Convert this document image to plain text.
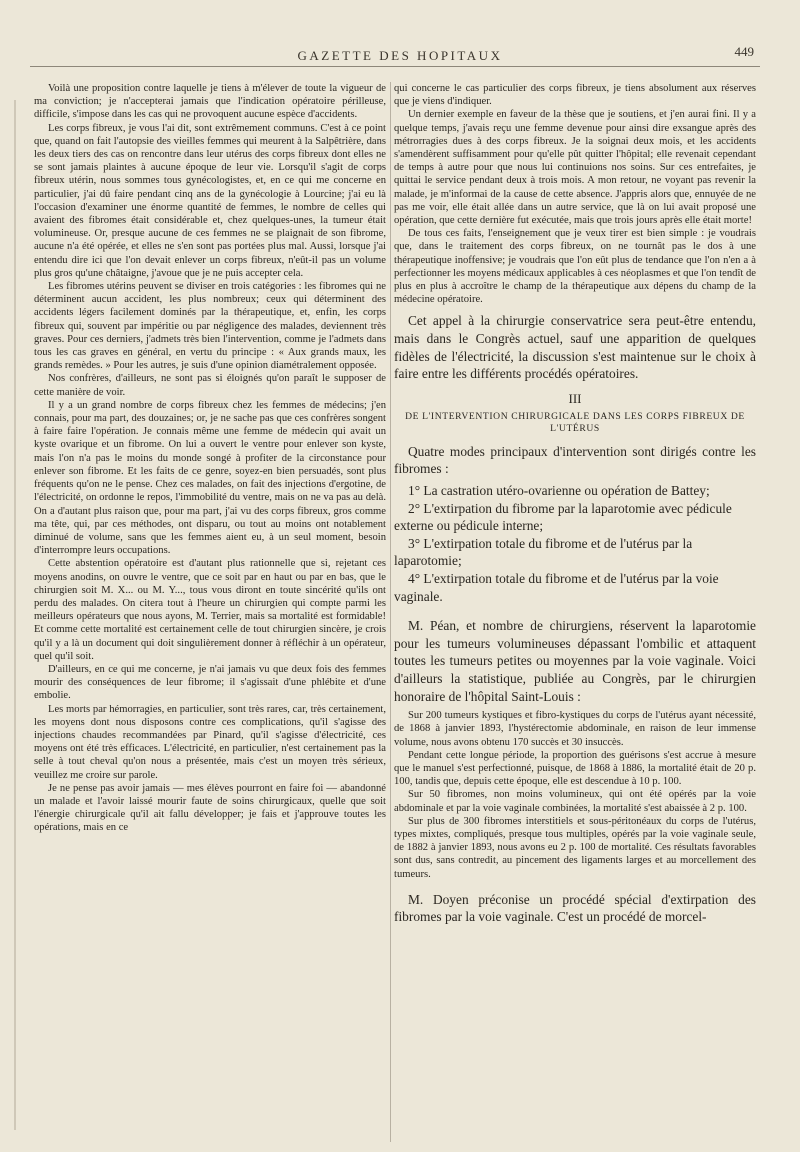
GAZETTE DES HOPITAUX	449

Voilà une proposition contre laquelle je tiens à m'élever de toute la vigueur de ma conviction; je n'accepterai jamais que l'indication opératoire périlleuse, difficile, s'impose dans les cas qui ne provoquent aucune espèce d'accidents.

Les corps fibreux, je vous l'ai dit, sont extrêmement communs. C'est à ce point que, quand on fait l'autopsie des vieilles femmes qui meurent à la Salpêtrière, dans les deux tiers des cas on rencontre dans leur utérus des corps fibreux dont elles ne se sont jamais plaintes à aucune époque de leur vie. Lorsqu'il s'agit de corps fibreux utérin, nous sommes tous gynécologistes, et, en ce qui me concerne en particulier, j'ai dû faire pendant cinq ans de la gynécologie à Lourcine; j'ai eu là l'occasion d'examiner une énorme quantité de femmes, le nombre de celles qui avaient des fibromes était considérable et, chez quelques-unes, la tumeur était volumineuse. Or, presque aucune de ces femmes ne se plaignait de son fibrome, aucune n'a été opérée, et elles ne s'en sont pas portées plus mal. Aussi, lorsque j'ai entendu dire ici que l'on devait enlever un corps fibreux, n'eût-il pas un volume plus gros qu'une châtaigne, j'avoue que je ne puis accepter cela.

Les fibromes utérins peuvent se diviser en trois catégories : les fibromes qui ne déterminent aucun accident, les plus nombreux; ceux qui déterminent des accidents légers facilement dominés par la thérapeutique, et, enfin, les corps fibreux qui, souvent par impéritie ou par négligence des malades, deviennent très graves. Pour ces derniers, j'admets très bien l'intervention, comme je l'admets dans tous les cas graves en général, en vertu du principe : « Aux grands maux, les grands remèdes. » Pour les autres, je suis d'une opinion diamétralement opposée.

Nos confrères, d'ailleurs, ne sont pas si éloignés qu'on paraît le supposer de cette manière de voir.

Il y a un grand nombre de corps fibreux chez les femmes de médecins; j'en connais, pour ma part, des douzaines; or, je ne sache pas que ces confrères songent à faire faire l'opération. Je connais même une femme de médecin qui avait un kyste ovarique et un fibrome. On lui a ouvert le ventre pour enlever son kyste, mais l'on n'a pas le moins du monde songé à profiter de la circonstance pour enlever son fibrome. Et les faits de ce genre, soyez-en bien persuadés, sont plus fréquents qu'on ne le pense. Chez ces malades, on fait des injections d'ergotine, de l'électricité, on ordonne le repos, l'immobilité du ventre, mais on ne va pas au delà. On a d'autant plus raison que, pour ma part, j'ai vu des corps fibreux, gros comme ma tête, qui, par ces méthodes, ont disparu, ou tout au moins ont notablement diminué de volume, sans que les femmes aient eu, à un seul moment, besoin d'interrompre leurs occupations.

Cette abstention opératoire est d'autant plus rationnelle que si, rejetant ces moyens anodins, on ouvre le ventre, que ce soit par en haut ou par en bas, que le chirurgien soit M. X... ou M. Y..., tous vous diront en toute sincérité qu'ils ont perdu des malades. On citera tout à l'heure un chirurgien qui compte parmi les meilleurs opérateurs que nous ayons, M. Terrier, mais sa mortalité est formidable! Et comme cette mortalité est certainement celle de tout chirurgien sincère, je crois qu'il y a là un document qui doit singulièrement donner à réfléchir à un opérateur, quel qu'il soit.

D'ailleurs, en ce qui me concerne, je n'ai jamais vu que deux fois des femmes mourir des conséquences de leur fibrome; il s'agissait d'une phlébite et d'une embolie.

Les morts par hémorragies, en particulier, sont très rares, car, très certainement, les moyens dont nous disposons contre ces complications, qu'il s'agisse des injections chaudes recommandées par Pinard, qu'il s'agisse d'électricité, ces moyens ont été très efficaces. L'électricité, en particulier, n'est certainement pas la selle à tout cheval qu'on nous a présentée, mais c'est un moyen très sérieux, veuillez me croire sur parole.

Je ne pense pas avoir jamais — mes élèves pourront en faire foi — abandonné un malade et l'avoir laissé mourir faute de soins chirurgicaux, quelle que soit l'énergie chirurgicale qu'il ait fallu développer; je fais et j'approuve toutes les opérations, mais en ce

qui concerne le cas particulier des corps fibreux, je tiens absolument aux réserves que je viens d'indiquer.

Un dernier exemple en faveur de la thèse que je soutiens, et j'en aurai fini. Il y a quelque temps, j'avais reçu une femme devenue pour ainsi dire exsangue après des métrorragies dues à des corps fibreux. Je la soignai deux mois, et les accidents s'amendèrent suffisamment pour qu'elle pût quitter l'hôpital; elle revenait cependant de temps à autre pour que nous lui continuions nos soins. Sur ces entrefaites, je quittai le service pendant deux à trois mois. A mon retour, ne voyant pas revenir la malade, je m'informai de la cause de cette absence. J'appris alors que, ennuyée de ne pas me voir, elle était allée dans un autre service, que là on lui avait proposé une opération, que cette dernière fut exécutée, mais que trois jours après elle était morte!

De tous ces faits, l'enseignement que je veux tirer est bien simple : je voudrais que, dans le traitement des corps fibreux, on ne tournât pas le dos à une thérapeutique inoffensive; je voudrais que l'on eût plus de tendance que l'on n'en a à perfectionner les moyens médicaux applicables à ces néoplasmes et que l'on tendît de plus en plus à accroître le champ de la thérapeutique aux dépens du champ de la médecine opératoire.

Cet appel à la chirurgie conservatrice sera peut-être entendu, mais dans le Congrès actuel, sauf une apparition de quelques fidèles de l'électricité, la discussion s'est maintenue sur le choix à faire entre les différents procédés opératoires.

III
DE L'INTERVENTION CHIRURGICALE DANS LES CORPS FIBREUX DE L'UTÉRUS

Quatre modes principaux d'intervention sont dirigés contre les fibromes :

1° La castration utéro-ovarienne ou opération de Battey;

2° L'extirpation du fibrome par la laparotomie avec pédicule externe ou pédicule interne;

3° L'extirpation totale du fibrome et de l'utérus par la laparotomie;

4° L'extirpation totale du fibrome et de l'utérus par la voie vaginale.

M. Péan, et nombre de chirurgiens, réservent la laparotomie pour les tumeurs volumineuses dépassant l'ombilic et attaquent toutes les tumeurs petites ou moyennes par la voie vaginale. Voici d'ailleurs la statistique, publiée au Congrès, par le chirurgien honoraire de l'hôpital Saint-Louis :

Sur 200 tumeurs kystiques et fibro-kystiques du corps de l'utérus ayant nécessité, de 1868 à janvier 1893, l'hystérectomie abdominale, en raison de leur immense volume, nous avons obtenu 170 succès et 30 insuccès.

Pendant cette longue période, la proportion des guérisons s'est accrue à mesure que le manuel s'est perfectionné, puisque, de 1868 à 1886, la mortalité était de 20 p. 100, tandis que, depuis cette époque, elle est descendue à 10 p. 100.

Sur 50 fibromes, non moins volumineux, qui ont été opérés par la voie abdominale et par la voie vaginale combinées, la mortalité s'est abaissée à 2 p. 100.

Sur plus de 300 fibromes interstitiels et sous-péritonéaux du corps de l'utérus, types mixtes, compliqués, presque tous multiples, opérés par la voie vaginale seule, de 1882 à janvier 1893, nous avons eu 2 p. 100 de mortalité. Ces résultats favorables sont dus, sans contredit, au pincement des ligaments larges et au morcellement des tumeurs.

M. Doyen préconise un procédé spécial d'extirpation des fibromes par la voie vaginale. C'est un procédé de morcel-
